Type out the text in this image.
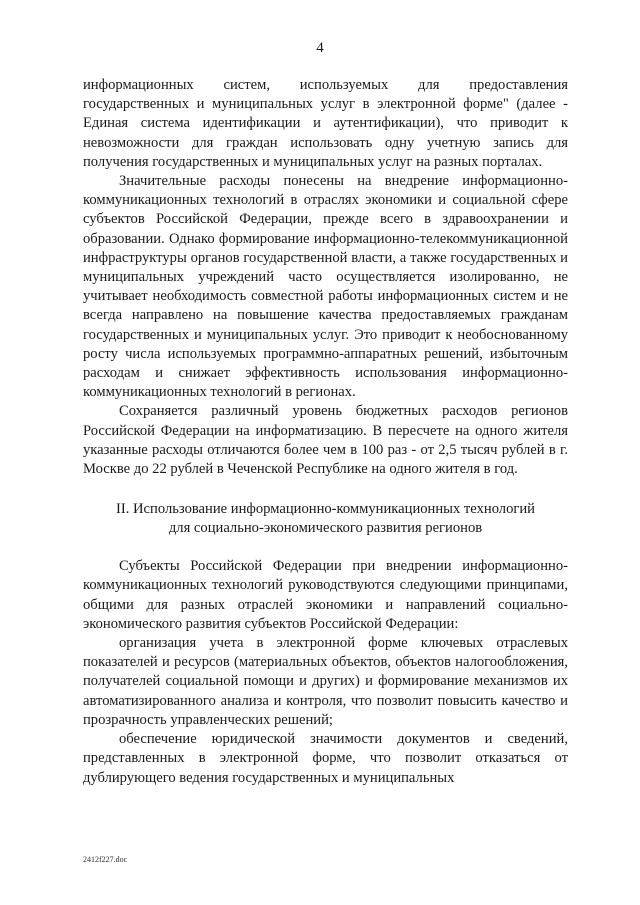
4

информационных систем, используемых для предоставления государственных и муниципальных услуг в электронной форме" (далее - Единая система идентификации и аутентификации), что приводит к невозможности для граждан использовать одну учетную запись для получения государственных и муниципальных услуг на разных порталах.

Значительные расходы понесены на внедрение информационно-коммуникационных технологий в отраслях экономики и социальной сфере субъектов Российской Федерации, прежде всего в здравоохранении и образовании. Однако формирование информационно-телекоммуникационной инфраструктуры органов государственной власти, а также государственных и муниципальных учреждений часто осуществляется изолированно, не учитывает необходимость совместной работы информационных систем и не всегда направлено на повышение качества предоставляемых гражданам государственных и муниципальных услуг. Это приводит к необоснованному росту числа используемых программно-аппаратных решений, избыточным расходам и снижает эффективность использования информационно-коммуникационных технологий в регионах.

Сохраняется различный уровень бюджетных расходов регионов Российской Федерации на информатизацию. В пересчете на одного жителя указанные расходы отличаются более чем в 100 раз - от 2,5 тысяч рублей в г. Москве до 22 рублей в Чеченской Республике на одного жителя в год.

II. Использование информационно-коммуникационных технологий
для социально-экономического развития регионов

Субъекты Российской Федерации при внедрении информационно-коммуникационных технологий руководствуются следующими принципами, общими для разных отраслей экономики и направлений социально-экономического развития субъектов Российской Федерации:

организация учета в электронной форме ключевых отраслевых показателей и ресурсов (материальных объектов, объектов налогообложения, получателей социальной помощи и других) и формирование механизмов их автоматизированного анализа и контроля, что позволит повысить качество и прозрачность управленческих решений;

обеспечение юридической значимости документов и сведений, представленных в электронной форме, что позволит отказаться от дублирующего ведения государственных и муниципальных

2412f227.doc
